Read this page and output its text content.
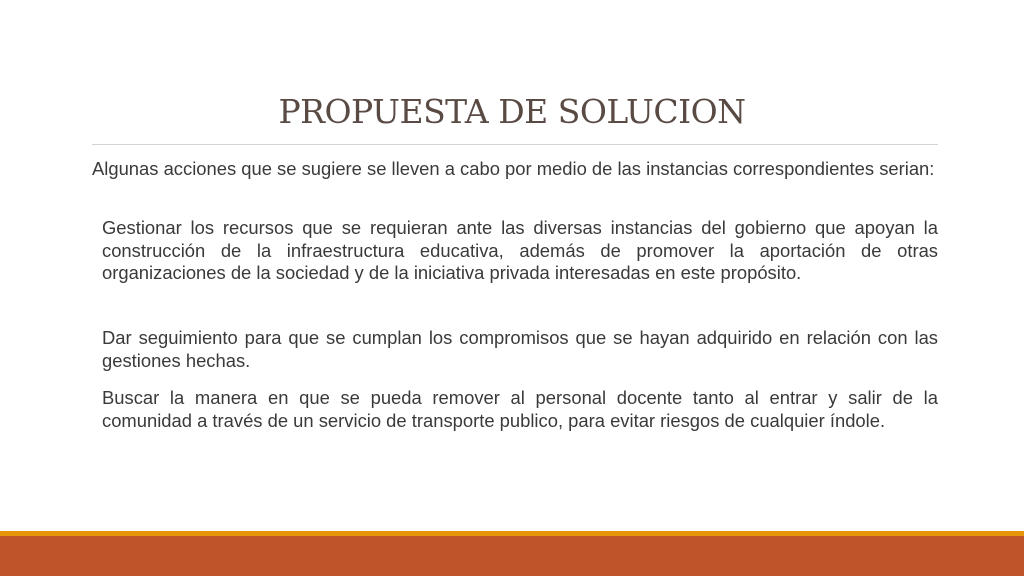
PROPUESTA DE SOLUCION
Algunas acciones que se sugiere se lleven a cabo por medio de las instancias correspondientes serian:
Gestionar los recursos que se requieran ante las diversas instancias del gobierno que apoyan la construcción de la infraestructura educativa, además de promover la aportación de otras organizaciones de la sociedad y de la iniciativa privada interesadas en este propósito.
Dar seguimiento para que se cumplan los compromisos que se hayan adquirido en relación con las gestiones hechas.
Buscar la manera en que se pueda remover al personal docente tanto al entrar y salir de la comunidad a través de un servicio de transporte publico, para evitar riesgos de cualquier índole.
